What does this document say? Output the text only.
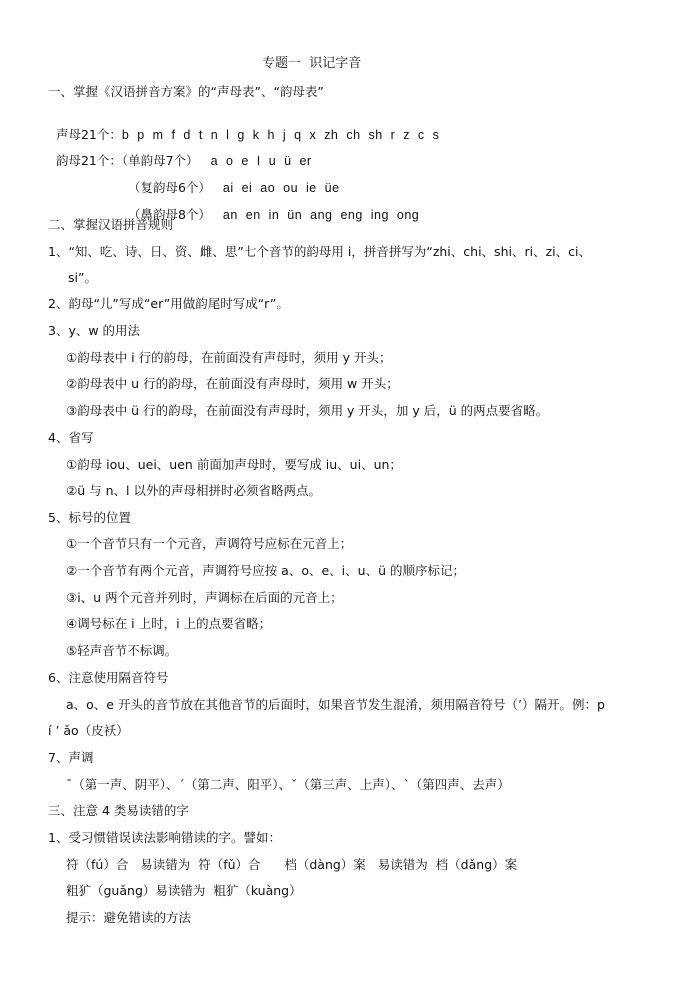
专题一  识记字音
一、掌握《汉语拼音方案》的“声母表”、“韵母表”

声母21个：b  p  m  f  d  t  n  l  g  k  h  j  q  x  zh  ch  sh  r  z  c  s

韵母21个：（单韵母7个） a  o  e  I  u  ü  er

（复韵母6个） ai  ei  ao  ou  ie  üe

（鼻韵母8个） an  en  in  ün  ang  eng  ing  ong

二、掌握汉语拼音规则
1、“知、吃、诗、日、资、雌、思”七个音节的韵母用 i，拼音拼写为“zhi、chi、shi、ri、zi、ci、
si”。
2、韵母“儿”写成“er”用做韵尾时写成“r”。
3、y、w 的用法
①韵母表中 i 行的韵母，在前面没有声母时，须用 y 开头；
②韵母表中 u 行的韵母，在前面没有声母时，须用 w 开头；
③韵母表中 ü 行的韵母，在前面没有声母时，须用 y 开头，加 y 后，ü 的两点要省略。
4、省写
①韵母 iou、uei、uen 前面加声母时，要写成 iu、ui、un；
②ü 与 n、l 以外的声母相拼时必须省略两点。
5、标号的位置
①一个音节只有一个元音，声调符号应标在元音上；
②一个音节有两个元音，声调符号应按 a、o、e、i、u、ü 的顺序标记；
③i、u 两个元音并列时，声调标在后面的元音上；
④调号标在 i 上时，i 上的点要省略；
⑤轻声音节不标调。
6、注意使用隔音符号
a、o、e 开头的音节放在其他音节的后面时，如果音节发生混淆，须用隔音符号（’）隔开。例：p
í ’ ǎo（皮袄）
7、声调
ˉ（第一声、阴平）、ˊ（第二声、阳平）、ˇ（第三声、上声）、ˋ（第四声、去声）
三、注意 4 类易读错的字
1、受习惯错误读法影响错读的字。譬如：
符（fú）合   易读错为  符（fǔ）合      档（dàng）案   易读错为  档（dǎng）案
粗犷（guǎng）易读错为  粗犷（kuàng）
提示：避免错读的方法
